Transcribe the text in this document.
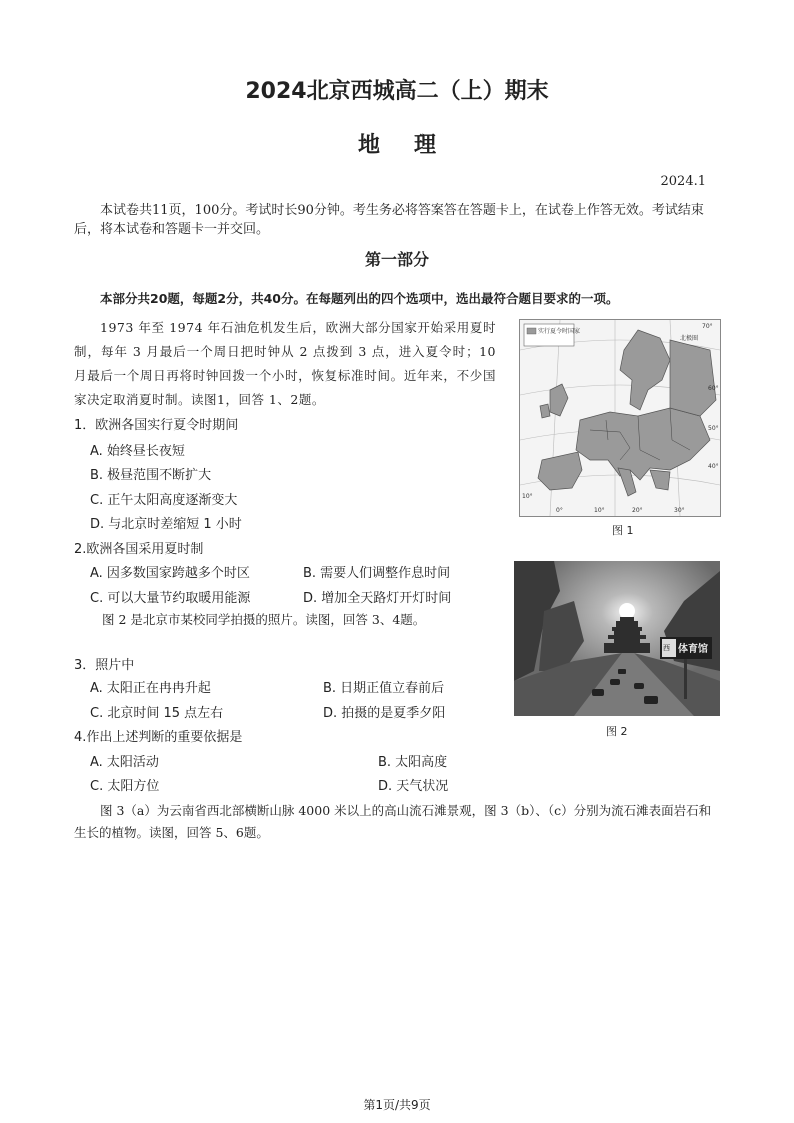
2024北京西城高二（上）期末
地理
2024.1
本试卷共11页，100分。考试时长90分钟。考生务必将答案答在答题卡上，在试卷上作答无效。考试结束后，将本试卷和答题卡一并交回。
第一部分
本部分共20题，每题2分，共40分。在每题列出的四个选项中，选出最符合题目要求的一项。
1973 年至 1974 年石油危机发生后，欧洲大部分国家开始采用夏时制，每年 3 月最后一个周日把时钟从 2 点拨到 3 点，进入夏令时；10 月最后一个周日再将时钟回拨一个小时，恢复标准时间。近年来，不少国家决定取消夏时制。读图1，回答 1、2题。
1．欧洲各国实行夏令时期间
A. 始终昼长夜短
B. 极昼范围不断扩大
C. 正午太阳高度逐渐变大
D. 与北京时差缩短 1 小时
2.欧洲各国采用夏时制
A. 因多数国家跨越多个时区	B. 需要人们调整作息时间
C. 可以大量节约取暖用能源	D. 增加全天路灯开灯时间
实行夏令时国家
北极圈
70°
60°
50°
40°
10°
0°	10°	20°	30°
图 1
图 2 是北京市某校同学拍摄的照片。读图，回答 3、4题。
西 体育馆
图 2
3．照片中
A. 太阳正在冉冉升起	B. 日期正值立春前后
C. 北京时间 15 点左右	D. 拍摄的是夏季夕阳
4.作出上述判断的重要依据是
A. 太阳活动	B. 太阳高度
C. 太阳方位	D. 天气状况
图 3（a）为云南省西北部横断山脉 4000 米以上的高山流石滩景观，图 3（b）、（c）分别为流石滩表面岩石和生长的植物。读图，回答 5、6题。
第1页/共9页
